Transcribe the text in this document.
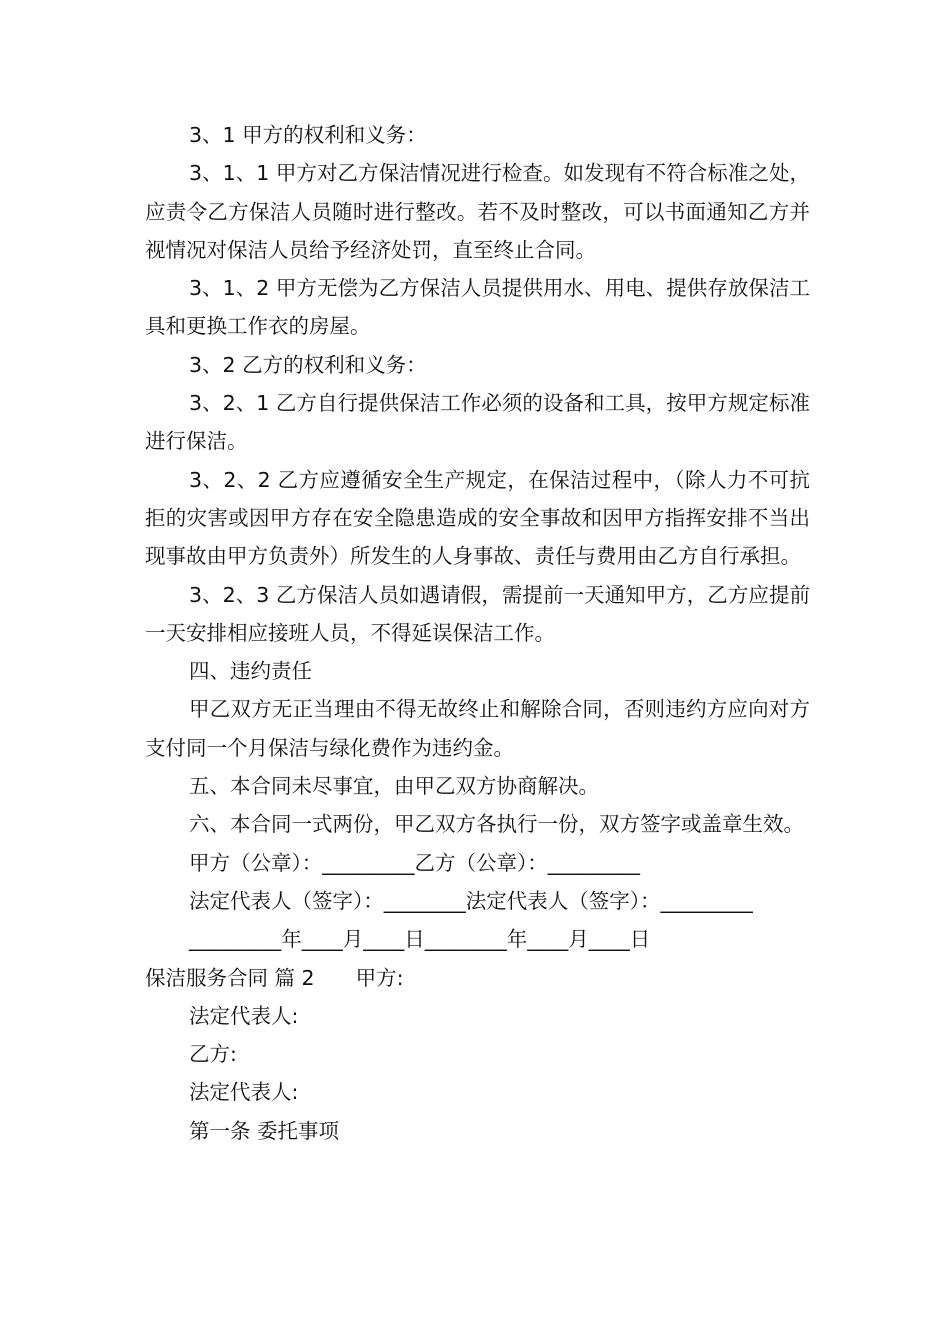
3、1 甲方的权利和义务：

3、1、1 甲方对乙方保洁情况进行检查。如发现有不符合标准之处，应责令乙方保洁人员随时进行整改。若不及时整改，可以书面通知乙方并视情况对保洁人员给予经济处罚，直至终止合同。

3、1、2 甲方无偿为乙方保洁人员提供用水、用电、提供存放保洁工具和更换工作衣的房屋。

3、2 乙方的权利和义务：

3、2、1 乙方自行提供保洁工作必须的设备和工具，按甲方规定标准进行保洁。

3、2、2 乙方应遵循安全生产规定，在保洁过程中，（除人力不可抗拒的灾害或因甲方存在安全隐患造成的安全事故和因甲方指挥安排不当出现事故由甲方负责外）所发生的人身事故、责任与费用由乙方自行承担。

3、2、3 乙方保洁人员如遇请假，需提前一天通知甲方，乙方应提前一天安排相应接班人员，不得延误保洁工作。

四、违约责任

甲乙双方无正当理由不得无故终止和解除合同，否则违约方应向对方支付同一个月保洁与绿化费作为违约金。

五、本合同未尽事宜，由甲乙双方协商解决。

六、本合同一式两份，甲乙双方各执行一份，双方签字或盖章生效。

甲方（公章）：_________乙方（公章）：_________

法定代表人（签字）：________法定代表人（签字）：_________

_________年____月____日________年____月____日

保洁服务合同 篇 2　　甲方:

法定代表人:

乙方:

法定代表人:

第一条 委托事项
